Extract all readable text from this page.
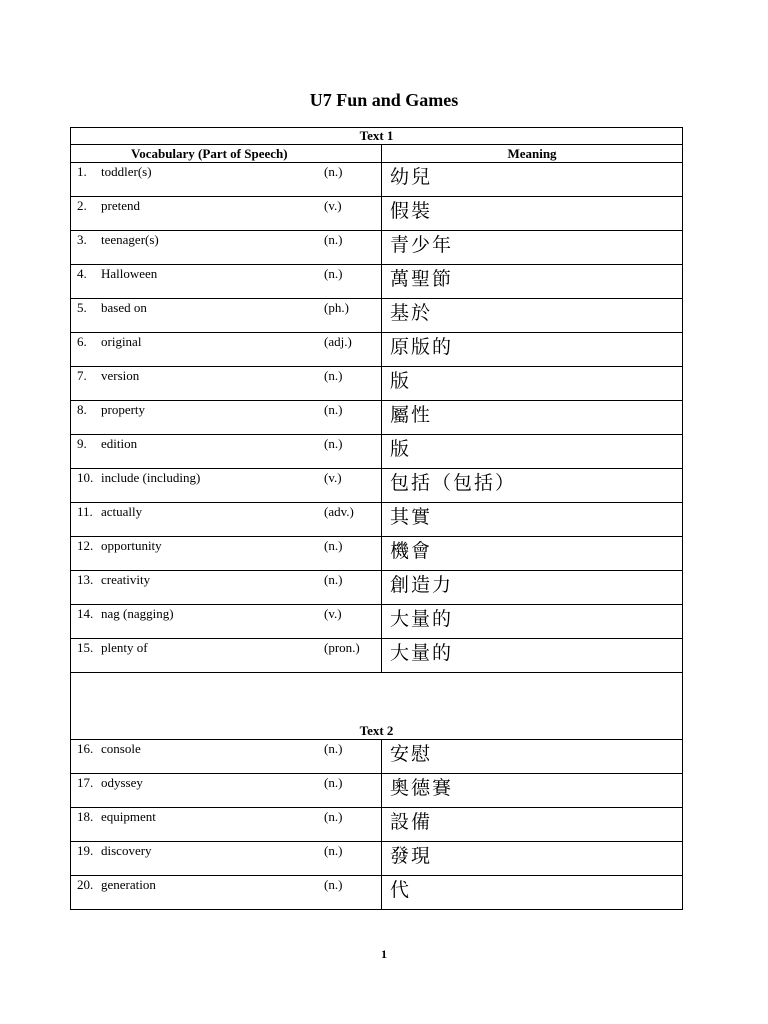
U7 Fun and Games
Text 1	
Vocabulary (Part of Speech)	Meaning

1. toddler(s) (n.)	幼兒

2. pretend (v.)	假裝

3. teenager(s) (n.)	青少年

4. Halloween (n.)	萬聖節

5. based on (ph.)	基於

6. original (adj.)	原版的

7. version (n.)	版

8. property (n.)	屬性

9. edition (n.)	版

10. include (including) (v.)	包括（包括）

11. actually (adv.)	其實

12. opportunity (n.)	機會

13. creativity (n.)	創造力

14. nag (nagging) (v.)	大量的

15. plenty of (pron.)	大量的

Text 2	

16. console (n.)	安慰

17. odyssey (n.)	奧德賽

18. equipment (n.)	設備

19. discovery (n.)	發現

20. generation (n.)	代
1
